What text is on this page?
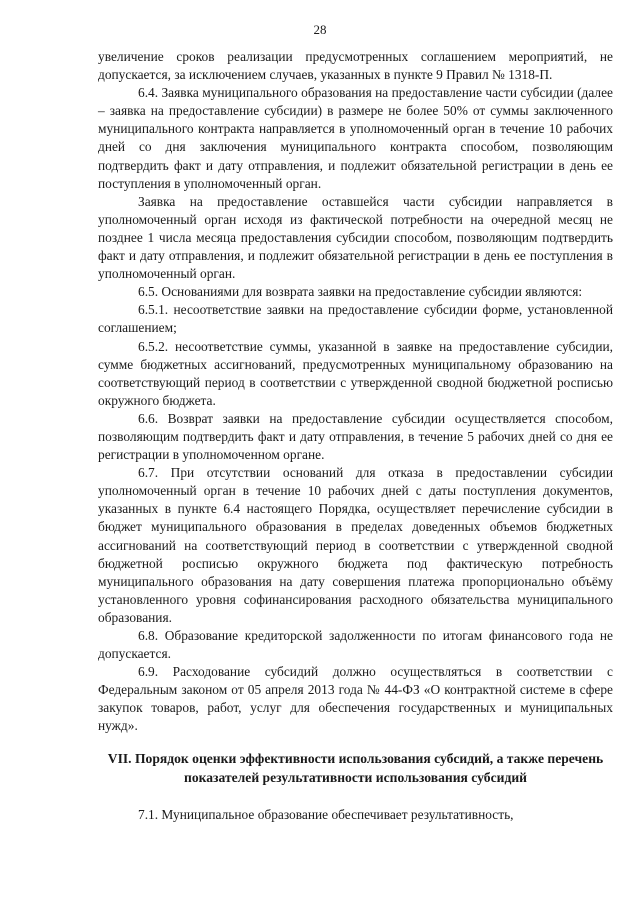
28

увеличение сроков реализации предусмотренных соглашением мероприятий, не допускается, за исключением случаев, указанных в пункте 9 Правил № 1318-П.

6.4. Заявка муниципального образования на предоставление части субсидии (далее – заявка на предоставление субсидии) в размере не более 50% от суммы заключенного муниципального контракта направляется в уполномоченный орган в течение 10 рабочих дней со дня заключения муниципального контракта способом, позволяющим подтвердить факт и дату отправления, и подлежит обязательной регистрации в день ее поступления в уполномоченный орган.

Заявка на предоставление оставшейся части субсидии направляется в уполномоченный орган исходя из фактической потребности на очередной месяц не позднее 1 числа месяца предоставления субсидии способом, позволяющим подтвердить факт и дату отправления, и подлежит обязательной регистрации в день ее поступления в уполномоченный орган.

6.5. Основаниями для возврата заявки на предоставление субсидии являются:

6.5.1. несоответствие заявки на предоставление субсидии форме, установленной соглашением;

6.5.2. несоответствие суммы, указанной в заявке на предоставление субсидии, сумме бюджетных ассигнований, предусмотренных муниципальному образованию на соответствующий период в соответствии с утвержденной сводной бюджетной росписью окружного бюджета.

6.6. Возврат заявки на предоставление субсидии осуществляется способом, позволяющим подтвердить факт и дату отправления, в течение 5 рабочих дней со дня ее регистрации в уполномоченном органе.

6.7. При отсутствии оснований для отказа в предоставлении субсидии уполномоченный орган в течение 10 рабочих дней с даты поступления документов, указанных в пункте 6.4 настоящего Порядка, осуществляет перечисление субсидии в бюджет муниципального образования в пределах доведенных объемов бюджетных ассигнований на соответствующий период в соответствии с утвержденной сводной бюджетной росписью окружного бюджета под фактическую потребность муниципального образования на дату совершения платежа пропорционально объёму установленного уровня софинансирования расходного обязательства муниципального образования.

6.8. Образование кредиторской задолженности по итогам финансового года не допускается.

6.9. Расходование субсидий должно осуществляться в соответствии с Федеральным законом от 05 апреля 2013 года № 44-ФЗ «О контрактной системе в сфере закупок товаров, работ, услуг для обеспечения государственных и муниципальных нужд».

VII. Порядок оценки эффективности использования субсидий, а также перечень показателей результативности использования субсидий

7.1. Муниципальное образование обеспечивает результативность,
